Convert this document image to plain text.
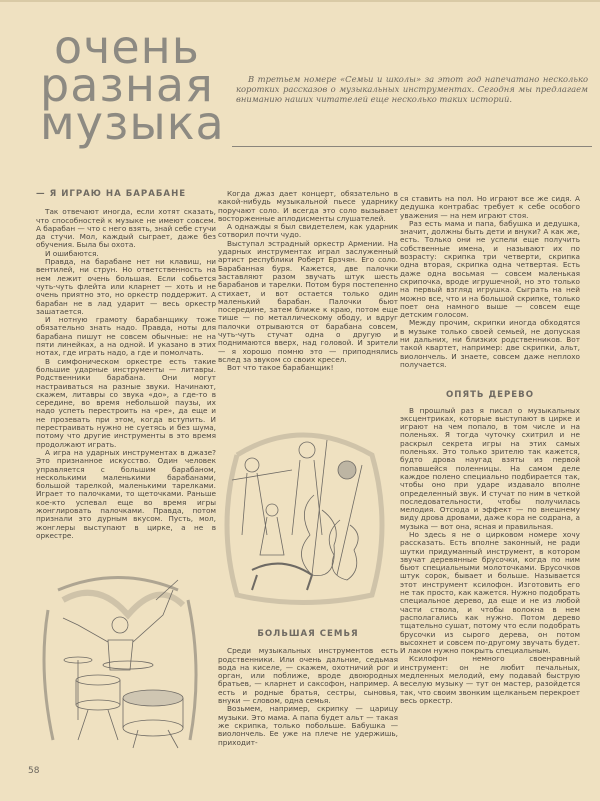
очень
разная
музыка
В третьем номере «Семьи и школы» за этот год напечатано несколько коротких рассказов о музыкальных инструментах. Сегодня мы предлагаем вниманию наших читателей еще несколько таких историй.

— Я ИГРАЮ НА БАРАБАНЕ

Так отвечают иногда, если хотят сказать, что способностей к музыке не имеют совсем. А барабан — что с него взять, знай себе стучи да стучи. Мол, каждый сыграет, даже без обучения. Была бы охота.

И ошибаются.

Правда, на барабане нет ни клавиш, ни вентилей, ни струн. Но ответственность на нем лежит очень большая. Если собьется чуть-чуть флейта или кларнет — хоть и не очень приятно это, но оркестр поддержит. А барабан не в лад ударит — весь оркестр зашатается.

И нотную грамоту барабанщику тоже обязательно знать надо. Правда, ноты для барабана пишут не совсем обычные: не на пяти линейках, а на одной. И указано в этих нотах, где играть надо, а где и помолчать.

В симфоническом оркестре есть такие большие ударные инструменты — литавры. Родственники барабана. Они могут настраиваться на разные звуки. Начинают, скажем, литавры со звука «до», а где-то в середине, во время небольшой паузы, их надо успеть перестроить на «ре», да еще и не прозевать при этом, когда вступить. И перестраивать нужно не суетясь и без шума, потому что другие инструменты в это время продолжают играть.

А игра на ударных инструментах в джазе? Это признанное искусство. Один человек управляется с большим барабаном, несколькими маленькими барабанами, большой тарелкой, маленькими тарелками. Играет то палочками, то щеточками. Раньше кое-кто успевал еще во время игры жонглировать палочками. Правда, потом признали это дурным вкусом. Пусть, мол, жонглеры выступают в цирке, а не в оркестре.

Когда джаз дает концерт, обязательно в какой-нибудь музыкальной пьесе ударнику поручают соло. И всегда это соло вызывает восторженные аплодисменты слушателей.

А однажды я был свидетелем, как ударник сотворил почти чудо.

Выступал эстрадный оркестр Армении. На ударных инструментах играл заслуженный артист республики Роберт Ерзчян. Его соло. Барабанная буря. Кажется, две палочки заставляют разом звучать штук шесть барабанов и тарелки. Потом буря постепенно стихает, и вот остается только один маленький барабан. Палочки бьют посередине, затем ближе к краю, потом еще тише — по металлическому ободу, и вдруг палочки отрываются от барабана совсем, чуть-чуть стучат одна о другую и поднимаются вверх, над головой. И зрители — я хорошо помню это — приподнялись вслед за звуком со своих кресел.

Вот что такое барабанщик!

БОЛЬШАЯ СЕМЬЯ

Среди музыкальных инструментов есть родственники. Или очень дальние, седьмая вода на киселе, — скажем, охотничий рог и орган, или поближе, вроде двоюродных братьев, — кларнет и саксофон, например. А есть и родные братья, сестры, сыновья, внуки — словом, одна семья.

Возьмем, например, скрипку — царицу музыки. Это мама. А папа будет альт — такая же скрипка, только побольше. Бабушка — виолончель. Ее уже на плече не удержишь, приходит-

ся ставить на пол. Но играют все же сидя. А дедушка контрабас требует к себе особого уважения — на нем играют стоя.

Раз есть мама и папа, бабушка и дедушка, значит, должны быть дети и внуки? А как же, есть. Только они не успели еще получить собственные имена, и называют их по возрасту: скрипка три четверти, скрипка одна вторая, скрипка одна четвертая. Есть даже одна восьмая — совсем маленькая скрипочка, вроде игрушечной, но это только на первый взгляд игрушка. Сыграть на ней можно все, что и на большой скрипке, только поет она намного выше — совсем еще детским голосом.

Между прочим, скрипки иногда обходятся в музыке только своей семьей, не допуская ни дальних, ни близких родственников. Вот такой квартет, например: две скрипки, альт, виолончель. И знаете, совсем даже неплохо получается.

ОПЯТЬ ДЕРЕВО

В прошлый раз я писал о музыкальных эксцентриках, которые выступают в цирке и играют на чем попало, в том числе и на поленьях. Я тогда чуточку схитрил и не раскрыл секрета игры на этих самых поленьях. Это только зрителю так кажется, будто дрова наугад взяты из первой попавшейся поленницы. На самом деле каждое полено специально подбирается так, чтобы оно при ударе издавало вполне определенный звук. И стучат по ним в четкой последовательности, чтобы получилась мелодия. Отсюда и эффект — по внешнему виду дрова дровами, даже кора не содрана, а музыка — вот она, ясная и правильная.

Но здесь я не о цирковом номере хочу рассказать. Есть вполне законный, не ради шутки придуманный инструмент, в котором звучат деревянные брусочки, когда по ним бьют специальными молоточками. Брусочков штук сорок, бывает и больше. Называется этот инструмент ксилофон. Изготовить его не так просто, как кажется. Нужно подобрать специальное дерево, да еще и не из любой части ствола, и чтобы волокна в нем располагались как нужно. Потом дерево тщательно сушат, потому что если подобрать брусочки из сырого дерева, он потом высохнет и совсем по-другому звучать будет. И лаком нужно покрыть специальным.

Ксилофон немного своенравный инструмент: он не любит печальных, медленных мелодий, ему подавай быструю веселую музыку — тут он мастер, разойдется так, что своим звонким щелканьем перекроет весь оркестр.

58
